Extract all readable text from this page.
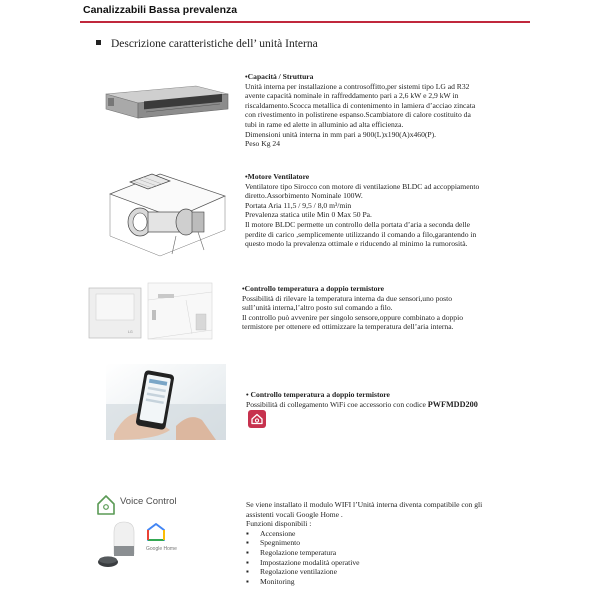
Canalizzabili Bassa prevalenza
Descrizione caratteristiche dell’ unità Interna

•Capacità / Struttura

Unità interna per installazione a controsoffitto,per sistemi tipo LG ad R32

avente capacità nominale in raffreddamento pari a 2,6 kW e 2,9 kW in

riscaldamento.Scocca metallica di contenimento in lamiera d’acciao zincata

con rivestimento in polistirene espanso.Scambiatore di calore costituito da

tubi in rame ed alette in alluminio ad alta efficienza.

Dimensioni unità interna in mm pari a 900(L)x190(A)x460(P).

Peso Kg 24

•Motore Ventilatore

Ventilatore tipo Sirocco con motore di ventilazione BLDC ad accoppiamento

diretto.Assorbimento Nominale 100W.

Portata Aria 11,5 / 9,5 / 8,0 m³/min

Prevalenza statica utile Min 0 Max 50 Pa.

Il motore BLDC permette un controllo della portata d’aria a seconda delle

perdite di carico ,semplicemente utilizzando il comando a filo,garantendo in

questo modo la prevalenza ottimale e riducendo al minimo la rumorosità.

LG

•Controllo temperatura a doppio termistore

Possibilità di rilevare la temperatura interna da due sensori,uno posto

sull’unità interna,l’altro posto sul comando a filo.

Il controllo può avvenire per singolo sensore,oppure combinato a doppio

termistore per ottenere ed ottimizzare la temperatura dell’aria interna.

• Controllo temperatura a doppio termistore

Possibilità di collegamento WiFi coe accessorio con codice PWFMDD200

Voice Control
Google Home

Se viene installato il modulo WIFI l’Unità interna diventa compatibile con gli

assistenti vocali Google Home .

Funzioni disponibili :

▪ Accensione
▪ Spegnimento
▪ Regolazione temperatura
▪ Impostazione modalità operative
▪ Regolazione ventilazione
▪ Monitoring
